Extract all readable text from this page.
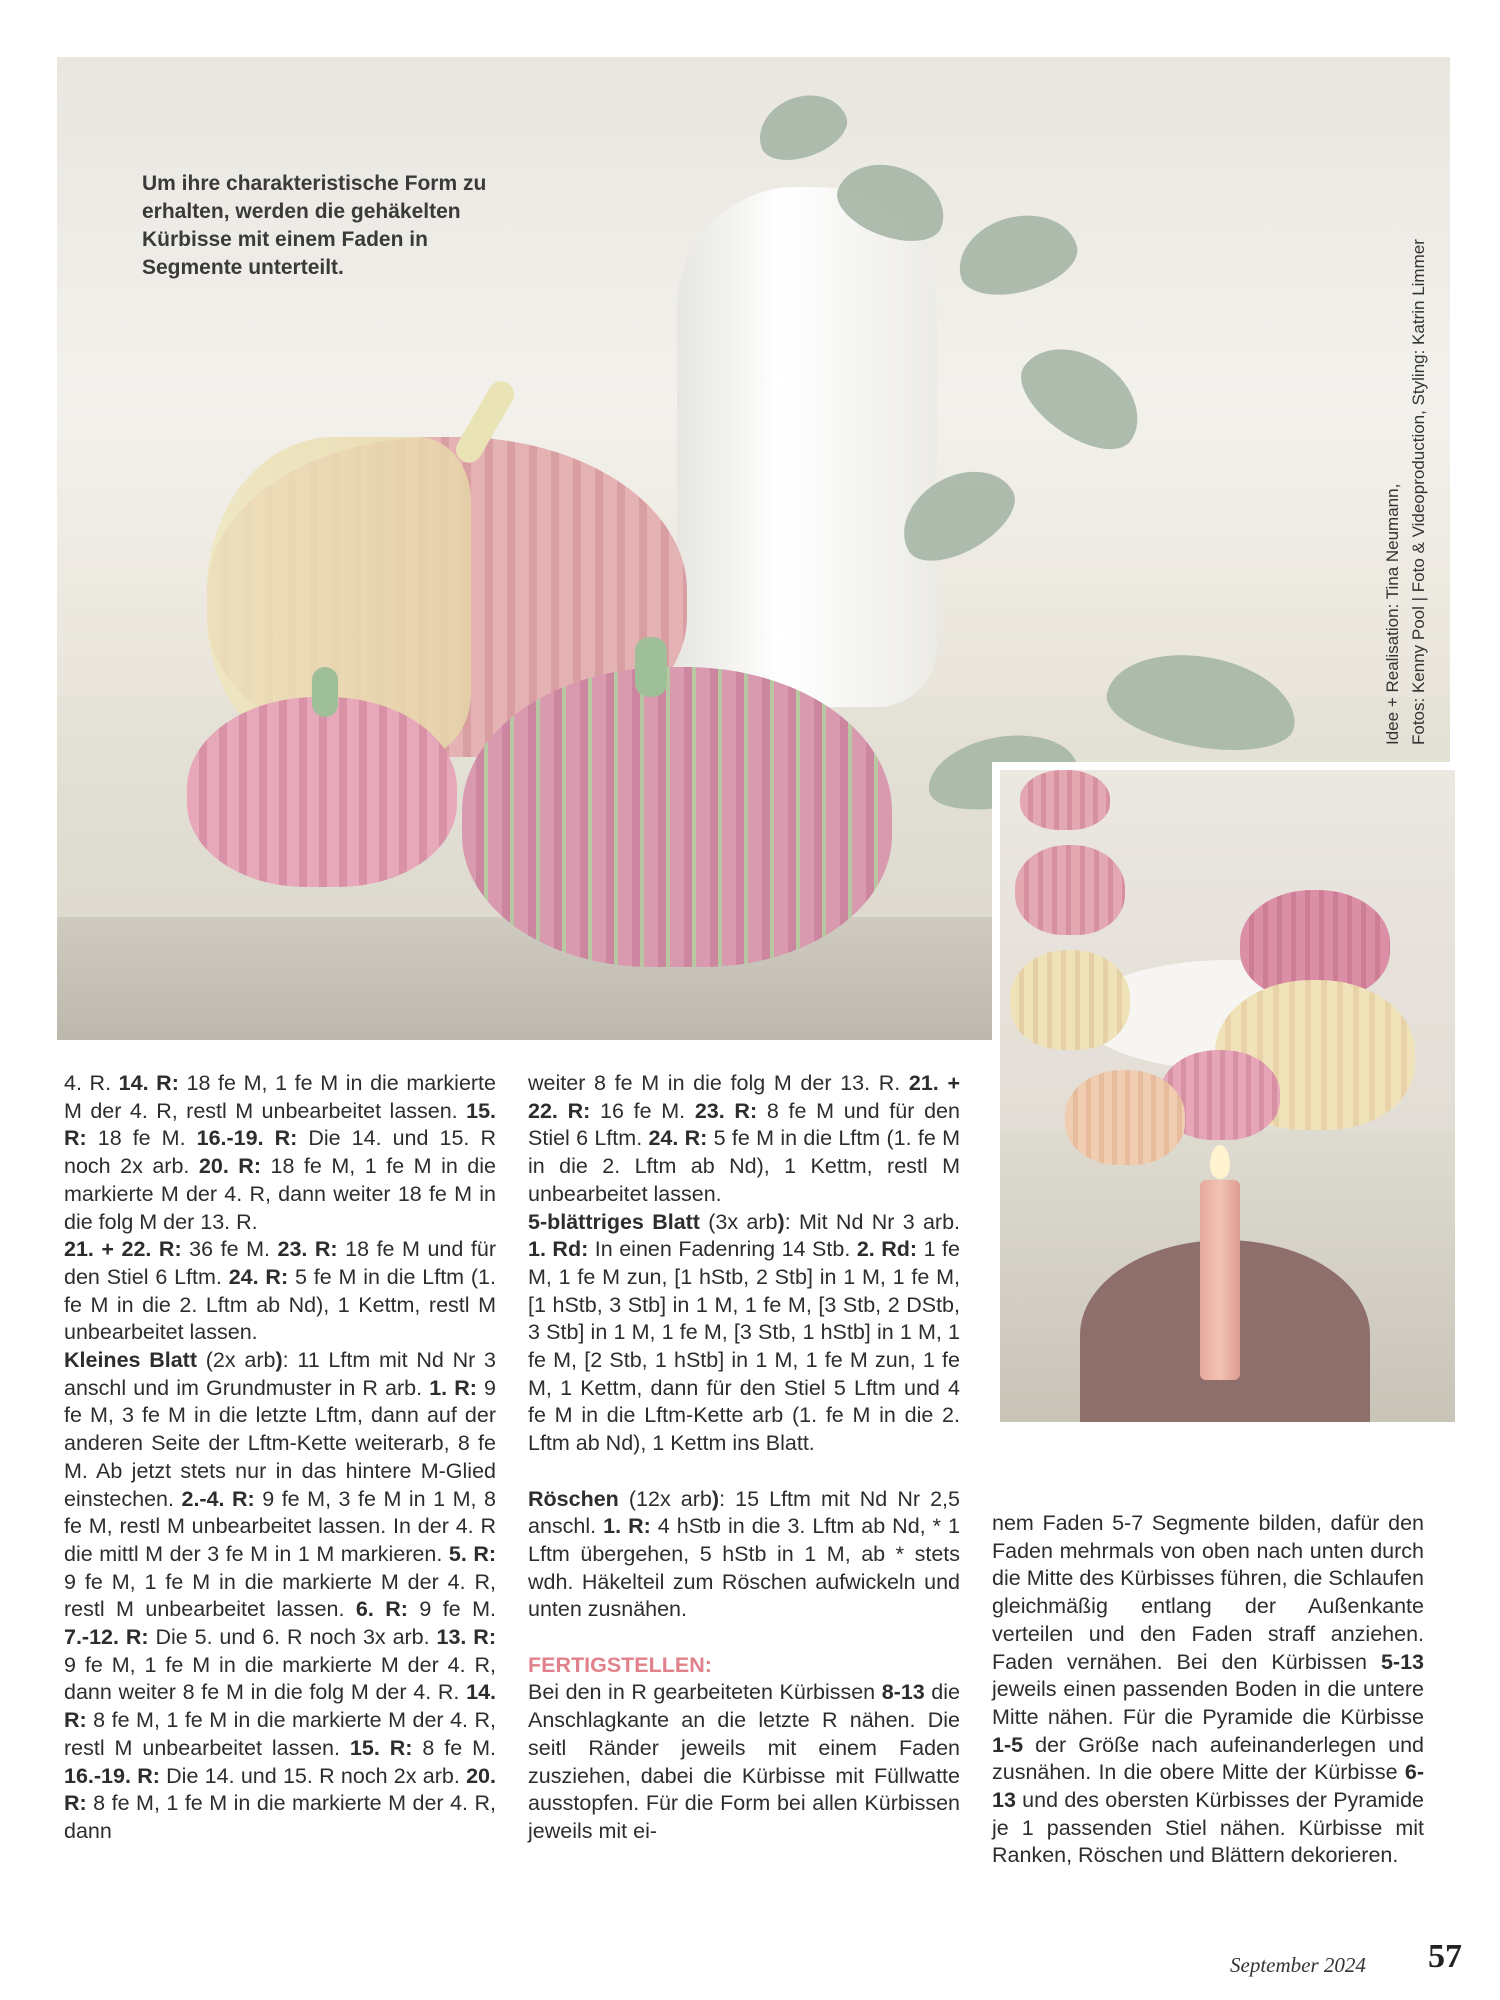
Um ihre charakteristische Form zu erhalten, werden die gehäkelten Kürbisse mit einem Faden in Segmente unterteilt.
Idee + Realisation: Tina Neumann, Fotos: Kenny Pool | Foto & Videoproduction, Styling: Katrin Limmer

4. R. 14. R: 18 fe M, 1 fe M in die markierte M der 4. R, restl M unbearbeitet lassen. 15. R: 18 fe M. 16.-19. R: Die 14. und 15. R noch 2x arb. 20. R: 18 fe M, 1 fe M in die markierte M der 4. R, dann weiter 18 fe M in die folg M der 13. R.

21. + 22. R: 36 fe M. 23. R: 18 fe M und für den Stiel 6 Lftm. 24. R: 5 fe M in die Lftm (1. fe M in die 2. Lftm ab Nd), 1 Kettm, restl M unbearbeitet lassen.

Kleines Blatt (2x arb): 11 Lftm mit Nd Nr 3 anschl und im Grundmuster in R arb. 1. R: 9 fe M, 3 fe M in die letzte Lftm, dann auf der anderen Seite der Lftm-Kette weiterarb, 8 fe M. Ab jetzt stets nur in das hintere M-Glied einstechen. 2.-4. R: 9 fe M, 3 fe M in 1 M, 8 fe M, restl M unbearbeitet lassen. In der 4. R die mittl M der 3 fe M in 1 M markieren. 5. R: 9 fe M, 1 fe M in die markierte M der 4. R, restl M unbearbeitet lassen. 6. R: 9 fe M. 7.-12. R: Die 5. und 6. R noch 3x arb. 13. R: 9 fe M, 1 fe M in die markierte M der 4. R, dann weiter 8 fe M in die folg M der 4. R. 14. R: 8 fe M, 1 fe M in die markierte M der 4. R, restl M unbearbeitet lassen. 15. R: 8 fe M. 16.-19. R: Die 14. und 15. R noch 2x arb. 20. R: 8 fe M, 1 fe M in die markierte M der 4. R, dann

weiter 8 fe M in die folg M der 13. R. 21. + 22. R: 16 fe M. 23. R: 8 fe M und für den Stiel 6 Lftm. 24. R: 5 fe M in die Lftm (1. fe M in die 2. Lftm ab Nd), 1 Kettm, restl M unbearbeitet lassen.

5-blättriges Blatt (3x arb): Mit Nd Nr 3 arb. 1. Rd: In einen Fadenring 14 Stb. 2. Rd: 1 fe M, 1 fe M zun, [1 hStb, 2 Stb] in 1 M, 1 fe M, [1 hStb, 3 Stb] in 1 M, 1 fe M, [3 Stb, 2 DStb, 3 Stb] in 1 M, 1 fe M, [3 Stb, 1 hStb] in 1 M, 1 fe M, [2 Stb, 1 hStb] in 1 M, 1 fe M zun, 1 fe M, 1 Kettm, dann für den Stiel 5 Lftm und 4 fe M in die Lftm-Kette arb (1. fe M in die 2. Lftm ab Nd), 1 Kettm ins Blatt.

Röschen (12x arb): 15 Lftm mit Nd Nr 2,5 anschl. 1. R: 4 hStb in die 3. Lftm ab Nd, * 1 Lftm übergehen, 5 hStb in 1 M, ab * stets wdh. Häkelteil zum Röschen aufwickeln und unten zusnähen.

FERTIGSTELLEN:

Bei den in R gearbeiteten Kürbissen 8-13 die Anschlagkante an die letzte R nähen. Die seitl Ränder jeweils mit einem Faden zusziehen, dabei die Kürbisse mit Füllwatte ausstopfen. Für die Form bei allen Kürbissen jeweils mit ei-

nem Faden 5-7 Segmente bilden, dafür den Faden mehrmals von oben nach unten durch die Mitte des Kürbisses führen, die Schlaufen gleichmäßig entlang der Außenkante verteilen und den Faden straff anziehen. Faden vernähen. Bei den Kürbissen 5-13 jeweils einen passenden Boden in die untere Mitte nähen. Für die Pyramide die Kürbisse 1-5 der Größe nach aufeinanderlegen und zusnähen. In die obere Mitte der Kürbisse 6-13 und des obersten Kürbisses der Pyramide je 1 passenden Stiel nähen. Kürbisse mit Ranken, Röschen und Blättern dekorieren.

September 2024 57
